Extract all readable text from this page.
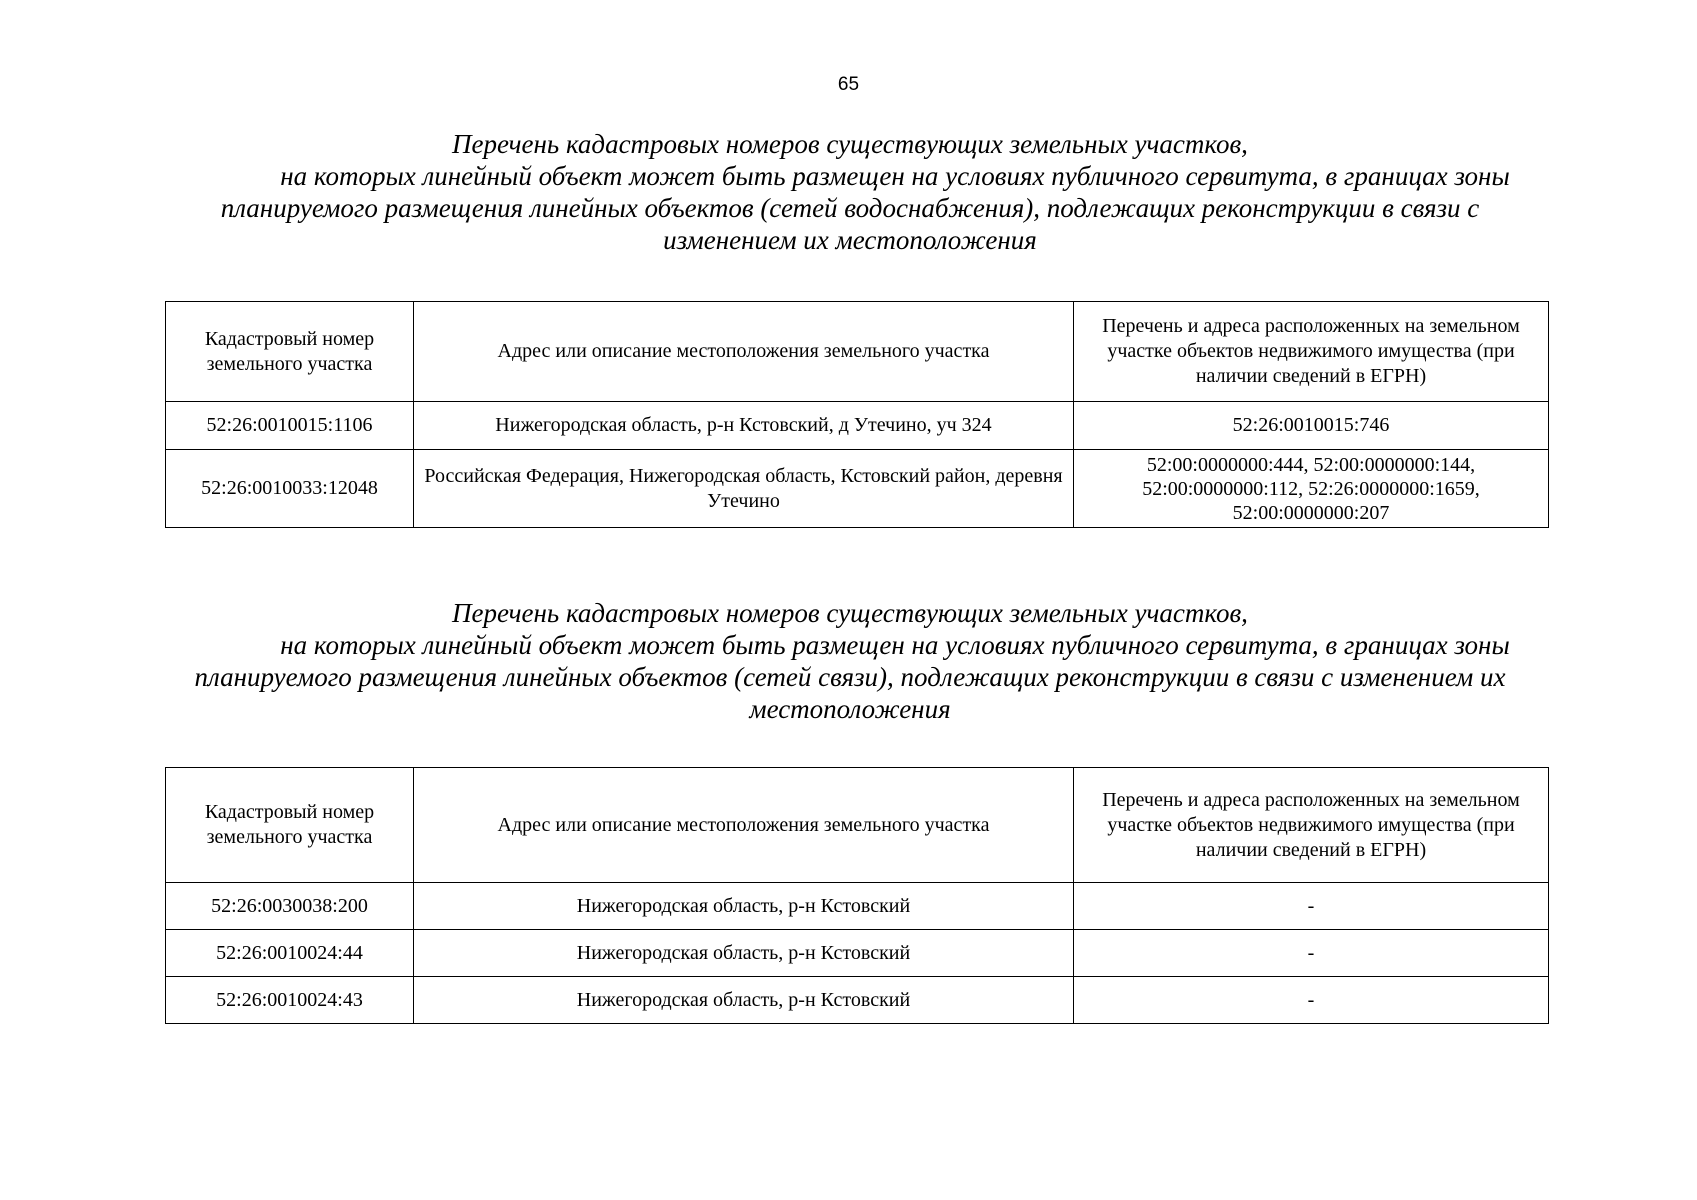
65
Перечень кадастровых номеров существующих земельных участков,
на которых линейный объект может быть размещен на условиях публичного сервитута, в границах зоны
планируемого размещения линейных объектов (сетей водоснабжения), подлежащих реконструкции в связи с
изменением их местоположения
Кадастровый номер земельного участка	Адрес или описание местоположения земельного участка	Перечень и адреса расположенных на земельном участке объектов недвижимого имущества (при наличии сведений в ЕГРН)
52:26:0010015:1106	Нижегородская область, р-н Кстовский, д Утечино, уч 324	52:26:0010015:746
52:26:0010033:12048	Российская Федерация, Нижегородская область, Кстовский район, деревня Утечино	52:00:0000000:444, 52:00:0000000:144, 52:00:0000000:112, 52:26:0000000:1659, 52:00:0000000:207
Перечень кадастровых номеров существующих земельных участков,
на которых линейный объект может быть размещен на условиях публичного сервитута, в границах зоны
планируемого размещения линейных объектов (сетей связи), подлежащих реконструкции в связи с изменением их
местоположения
Кадастровый номер земельного участка	Адрес или описание местоположения земельного участка	Перечень и адреса расположенных на земельном участке объектов недвижимого имущества (при наличии сведений в ЕГРН)
52:26:0030038:200	Нижегородская область, р-н Кстовский	-
52:26:0010024:44	Нижегородская область, р-н Кстовский	-
52:26:0010024:43	Нижегородская область, р-н Кстовский	-
